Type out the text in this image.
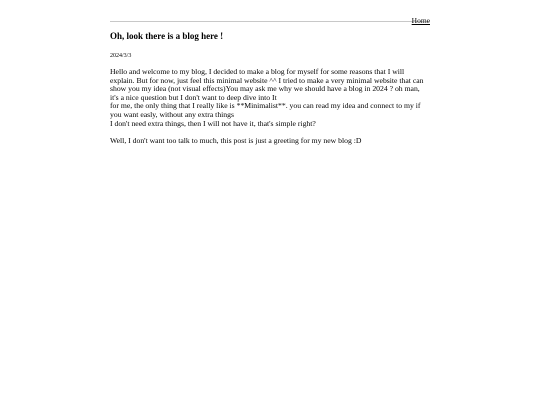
Home
Oh, look there is a blog here !
2024/3/3

Hello and welcome to my blog, I decided to make a blog for myself for some reasons that I will explain. But for now, just feel this minimal website ^^ I tried to make a very minimal website that can show you my idea (not visual effects)You may ask me why we should have a blog in 2024 ? oh man, it's a nice question but I don't want to deep dive into It

for me, the only thing that I really like is **Minimalist**. you can read my idea and connect to my if you want easly, without any extra things

I don't need extra things, then I will not have it, that's simple right?

Well, I don't want too talk to much, this post is just a greeting for my new blog :D
